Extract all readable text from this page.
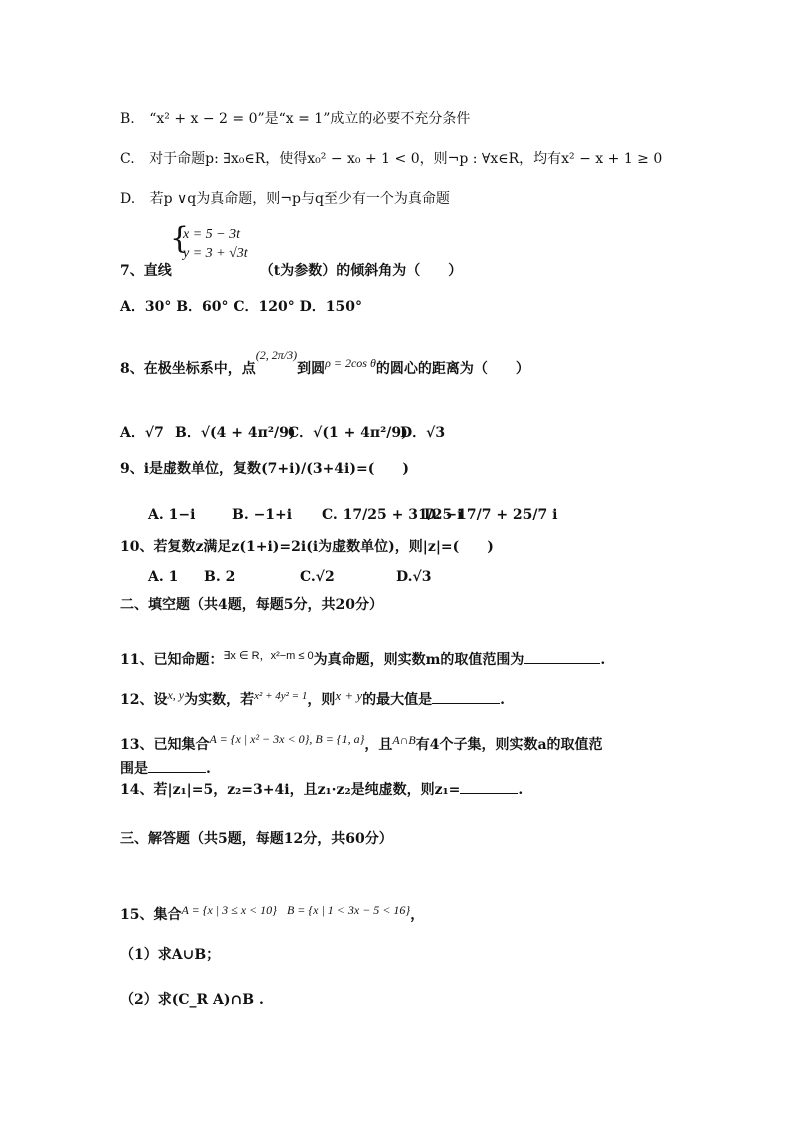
B. “x² + x − 2 = 0”是“x = 1”成立的必要不充分条件
C. 对于命题p: ∃x₀∈R，使得x₀² − x₀ + 1 < 0，则¬p : ∀x∈R，均有x² − x + 1 ≥ 0
D. 若p ∨q为真命题，则¬p与q至少有一个为真命题
{
x = 5 − 3t
y = 3 + √3t
7、直线	（t为参数）的倾斜角为（　　）
A．30° B．60° C．120° D．150°
8、在极坐标系中，点(2, 2π/3)到圆ρ = 2cos θ的圆心的距离为（　　）
A．√7 B．√(4 + 4π²/9)
C．√(1 + 4π²/9)
D．√3
9、i是虚数单位，复数(7+i)/(3+4i)=(　　)
A. 1−i	B. −1+i C. 17/25 + 31/25 i
D. −17/7 + 25/7 i
10、若复数z满足z(1+i)=2i(i为虚数单位)，则|z|=(　　)
A. 1 B. 2	C.√2	D.√3
二、填空题（共4题，每题5分，共20分）
11、已知命题：$^{\exists x \in R,x^2-m \le 0}$为真命题，则实数m的取值范围为	.
12、设x, y为实数，若$^{x^2 + 4y^2 = 1}$，则x + y的最大值是	.
13、已知集合A = {x | x² − 3x < 0}, B = {1, a}，且A∩B有4个子集，则实数a的取值范
围是	.
14、若|z₁|=5，z₂=3+4i，且z₁·z₂是纯虚数，则z₁=	.
三、解答题（共5题，每题12分，共60分）
15、集合A = {x | 3 ≤ x < 10} B = {x | 1 < 3x − 5 < 16}，
（1）求A∪B；
（2）求(C_R A)∩B .
